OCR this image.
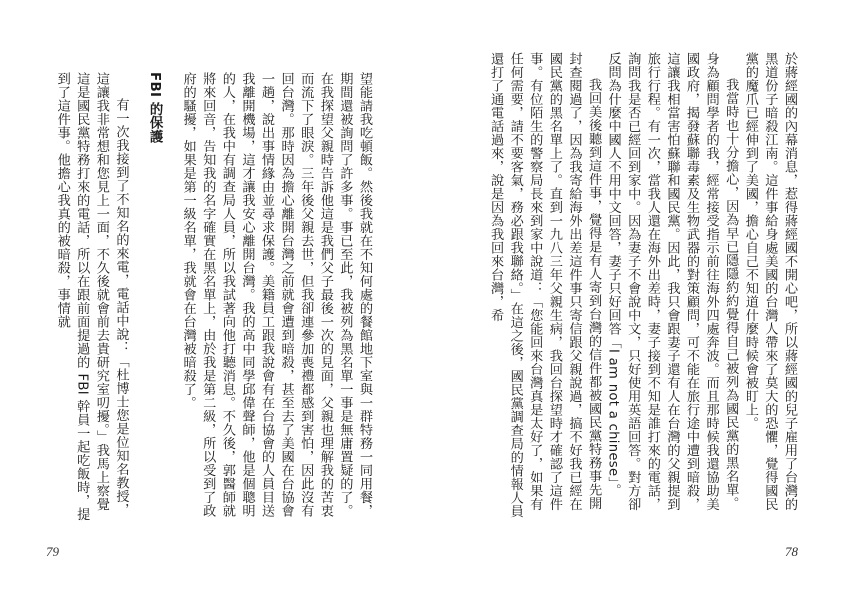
望能請我吃頓飯。然後我就在不知何處的餐館地下室與一群特務一同用餐，期間還被詢問了許多事。事已至此，我被列為黑名單一事是無庸置疑的了。在我探望父親時告訴他這是我們父子最後一次的見面，父親也理解我的苦衷而流下了眼淚。三年後父親去世，但我卻連參加喪禮都感到害怕，因此沒有回台灣。那時因為擔心離開台灣之前就會遭到暗殺，甚至去了美國在台協會一趟，說出事情緣由並尋求保護。美籍員工跟我說會有在台協會的人員目送我離開機場，這才讓我安心離開台灣。我的高中同學邱偉聲師，他是個聰明的人，在我中有調查局人員，所以我試著向他打聽消息。不久後，郭醫師就將來回音，告知我的名字確實在黑名單上，由於我是第二級，所以受到了政府的騷擾，如果是第一級名單，我就會在台灣被暗殺了。

FBI 的保護

有一次我接到了不知名的來電，電話中說：「杜博士您是位知名教授，這讓我非常想和您見上一面，不久後就會前去貴研究室叨擾。」我馬上察覺這是國民黨特務打來的電話，所以在跟前面提過的 FBI 幹員一起吃飯時，提到了這件事。他擔心我真的被暗殺，事情就

79

於蔣經國的內幕消息，惹得蔣經國不開心吧，所以蔣經國的兒子雇用了台灣的黑道份子暗殺江南。這件事給身處美國的台灣人帶來了莫大的恐懼，覺得國民黨的魔爪已經伸到了美國，擔心自己不知道什麼時候會被盯上。

我當時也十分擔心，因為早已隱隱約約覺得自己被列為國民黨的黑名單。身為顧問學者的我，經常接受指示前往海外四處奔波。而且那時候我還協助美國政府，揭發蘇聯毒素及生物武器的對策顧問，可不能在旅行途中遭到暗殺，這讓我相當害怕蘇聯和國民黨。因此，我只會跟妻子還有人在台灣的父親提到旅行行程。有一次，當我人還在海外出差時，妻子接到不知是誰打來的電話，詢問我是否已經回到家中。因為妻子不會說中文，只好使用英語回答。對方卻反問為什麼中國人不用中文回答，妻子只好回答「I am not a chinese」。

我回美後聽到這件事，覺得是有人寄到台灣的信件都被國民黨特務事先開封查閱過了，因為我寄給海外出差這件事只寄信跟父親說過，搞不好我已經在國民黨的黑名單上了。直到一九八三年父親生病，我回台探望時才確認了這件事。有位陌生的警察局長來到家中說道：「您能回來台灣真是太好了，如果有任何需要，請不要客氣，務必跟我聯絡。」在這之後，國民黨調查局的情報人員還打了通電話過來，說是因為我回來台灣，希

78
